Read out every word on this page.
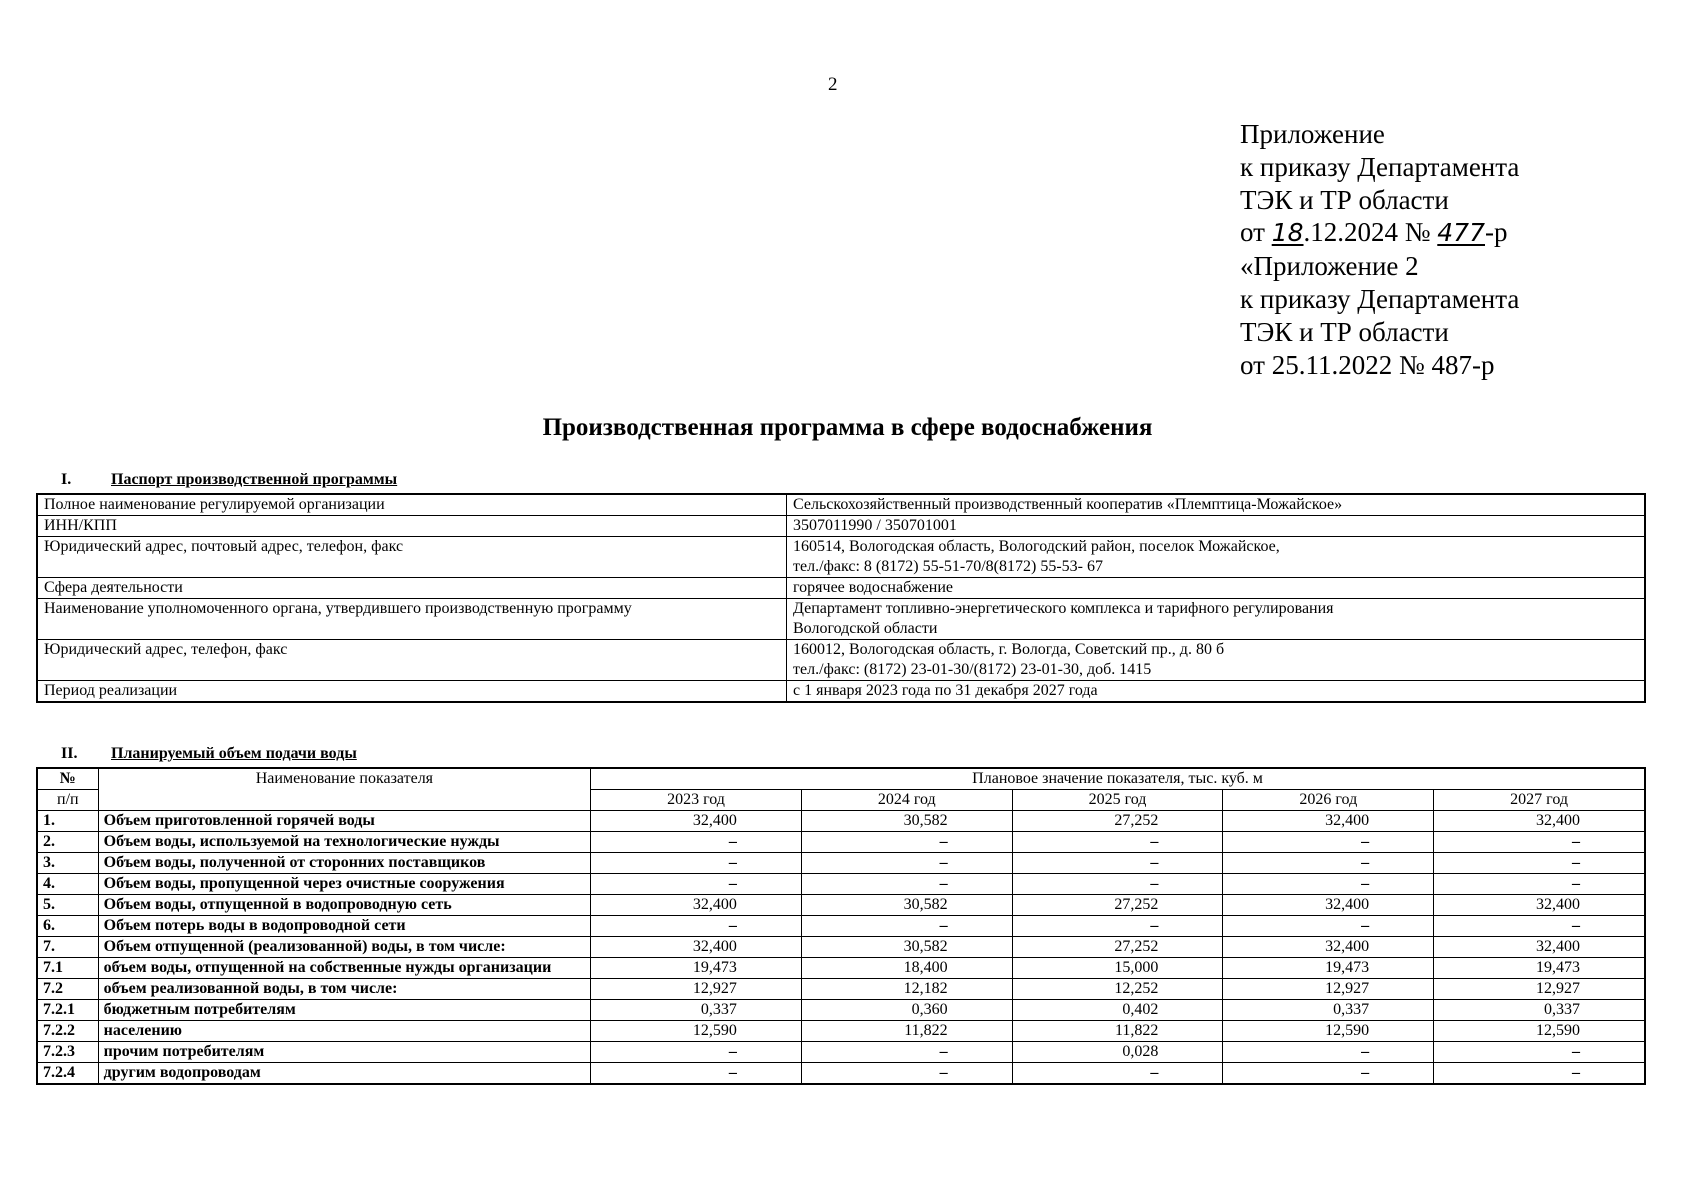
2
Приложение
к приказу Департамента
ТЭК и ТР области
от 18.12.2024 № 477-р
«Приложение 2
к приказу Департамента
ТЭК и ТР области
от 25.11.2022 № 487-р
Производственная программа в сфере водоснабжения
I. Паспорт производственной программы
Полное наименование регулируемой организации	Сельскохозяйственный производственный кооператив «Племптица-Можайское»

ИНН/КПП	3507011990 / 350701001

Юридический адрес, почтовый адрес, телефон, факс	160514, Вологодская область, Вологодский район, поселок Можайское,
тел./факс: 8 (8172) 55-51-70/8(8172) 55-53- 67

Сфера деятельности	горячее водоснабжение

Наименование уполномоченного органа, утвердившего производственную программу	Департамент топливно-энергетического комплекса и тарифного регулирования
Вологодской области

Юридический адрес, телефон, факс	160012, Вологодская область, г. Вологда, Советский пр., д. 80 б
тел./факс: (8172) 23-01-30/(8172) 23-01-30, доб. 1415

Период реализации	с 1 января 2023 года по 31 декабря 2027 года
II. Планируемый объем подачи воды
№	Наименование показателя	Плановое значение показателя, тыс. куб. м				
п/п		2023 год	2024 год	2025 год	2026 год	2027 год
1.	Объем приготовленной горячей воды	32,400	30,582	27,252	32,400	32,400
2.	Объем воды, используемой на технологические нужды	–	–	–	–	–
3.	Объем воды, полученной от сторонних поставщиков	–	–	–	–	–
4.	Объем воды, пропущенной через очистные сооружения	–	–	–	–	–
5.	Объем воды, отпущенной в водопроводную сеть	32,400	30,582	27,252	32,400	32,400
6.	Объем потерь воды в водопроводной сети	–	–	–	–	–
7.	Объем отпущенной (реализованной) воды, в том числе:	32,400	30,582	27,252	32,400	32,400
7.1	объем воды, отпущенной на собственные нужды организации	19,473	18,400	15,000	19,473	19,473
7.2	объем реализованной воды, в том числе:	12,927	12,182	12,252	12,927	12,927
7.2.1	бюджетным потребителям	0,337	0,360	0,402	0,337	0,337
7.2.2	населению	12,590	11,822	11,822	12,590	12,590
7.2.3	прочим потребителям	–	–	0,028	–	–
7.2.4	другим водопроводам	–	–	–	–	–
